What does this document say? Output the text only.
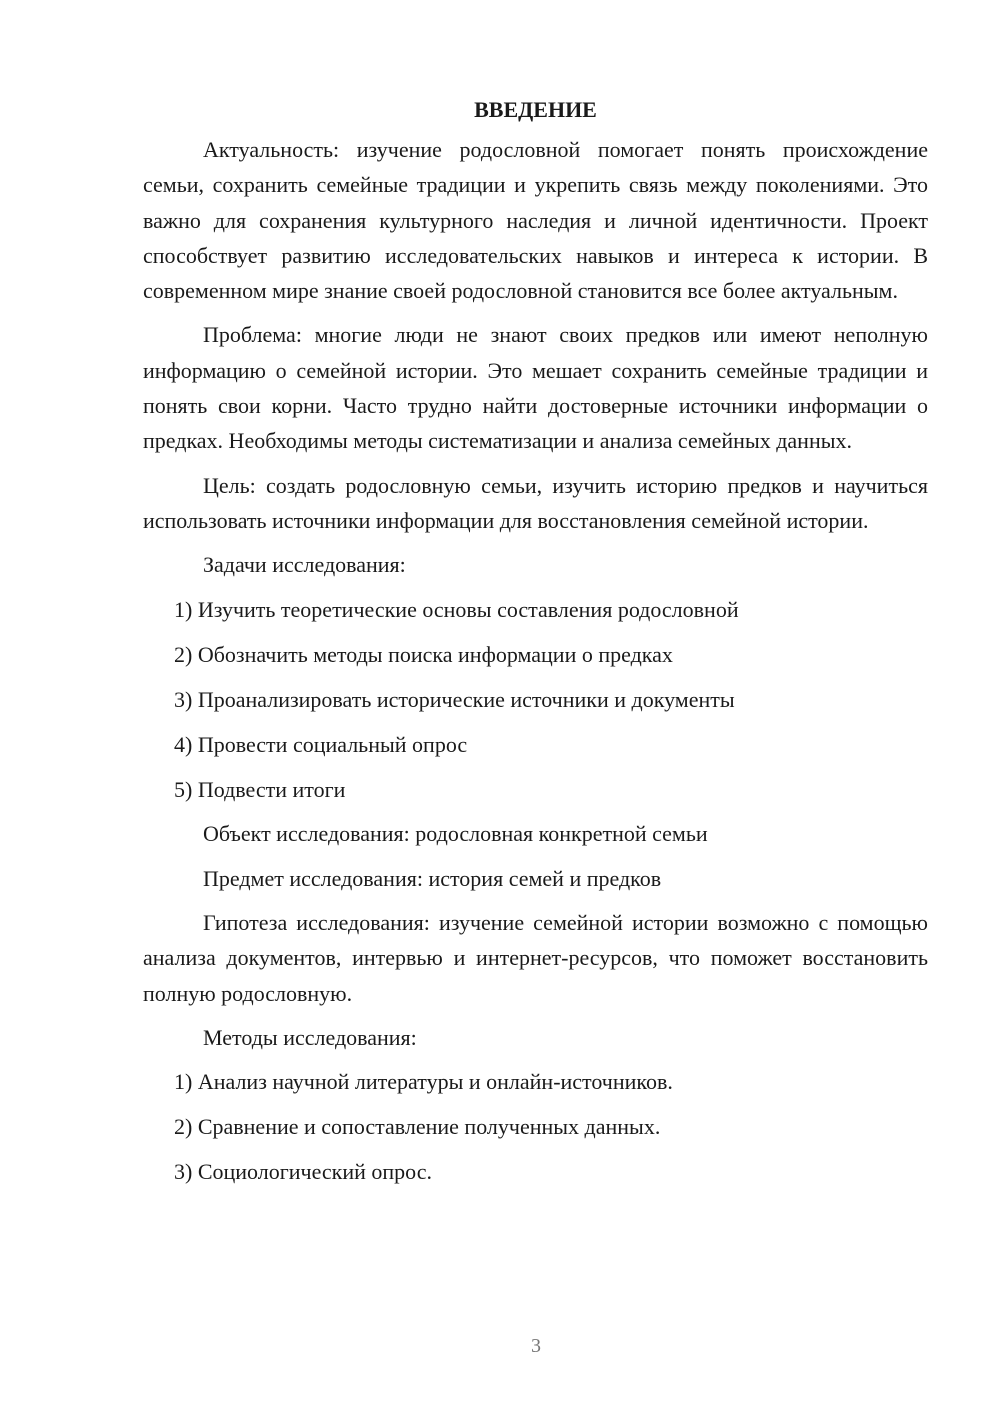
ВВЕДЕНИЕ

Актуальность: изучение родословной помогает понять происхождение семьи, сохранить семейные традиции и укрепить связь между поколениями. Это важно для сохранения культурного наследия и личной идентичности. Проект способствует развитию исследовательских навыков и интереса к истории. В современном мире знание своей родословной становится все более актуальным.

Проблема: многие люди не знают своих предков или имеют неполную информацию о семейной истории. Это мешает сохранить семейные традиции и понять свои корни. Часто трудно найти достоверные источники информации о предках. Необходимы методы систематизации и анализа семейных данных.

Цель: создать родословную семьи, изучить историю предков и научиться использовать источники информации для восстановления семейной истории.

Задачи исследования:

1) Изучить теоретические основы составления родословной
2) Обозначить методы поиска информации о предках
3) Проанализировать исторические источники и документы
4) Провести социальный опрос
5) Подвести итоги

Объект исследования: родословная конкретной семьи

Предмет исследования: история семей и предков

Гипотеза исследования: изучение семейной истории возможно с помощью анализа документов, интервью и интернет-ресурсов, что поможет восстановить полную родословную.

Методы исследования:

1) Анализ научной литературы и онлайн-источников.
2) Сравнение и сопоставление полученных данных.
3) Социологический опрос.
3
